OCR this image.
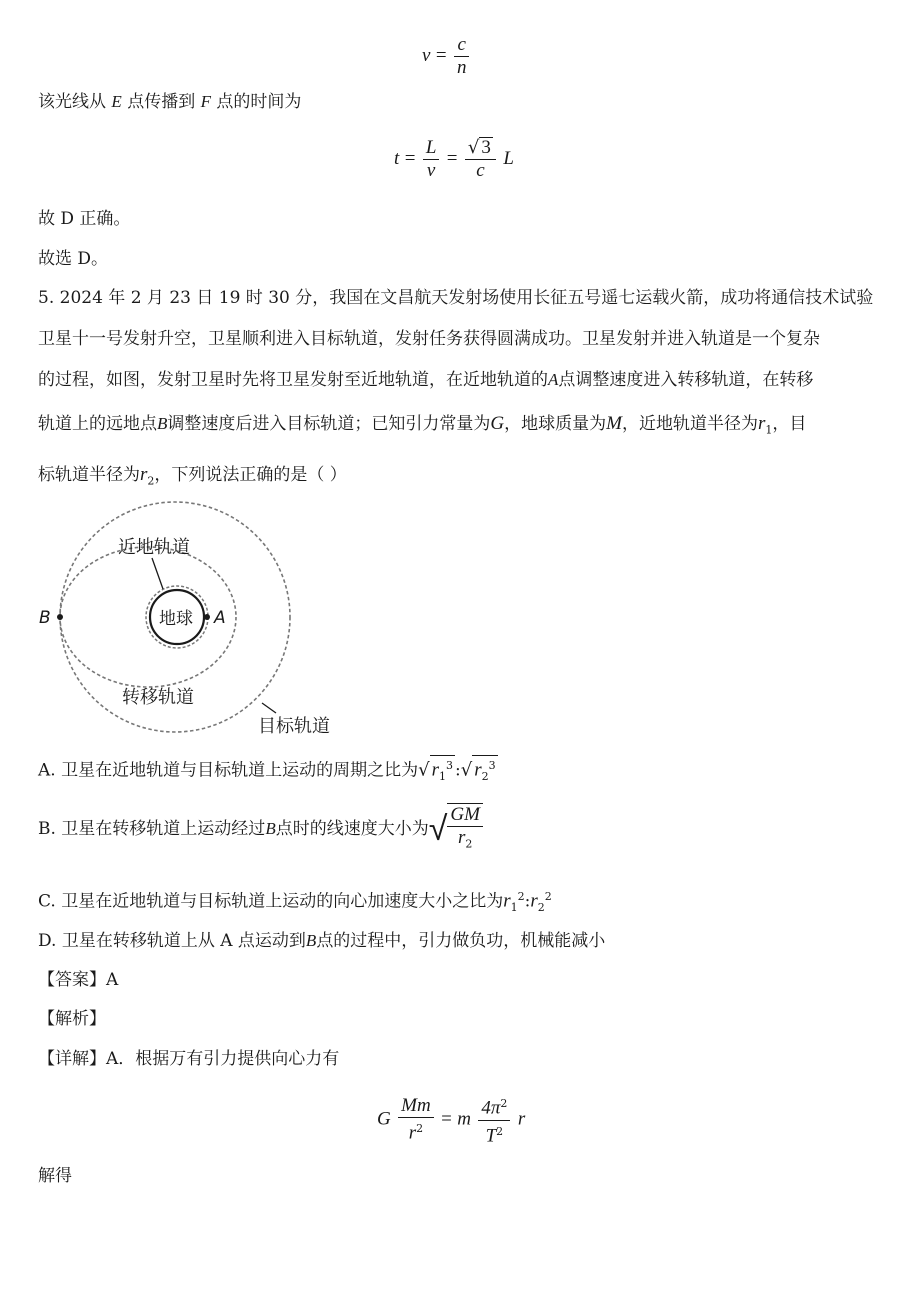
$v = \frac{c}{n}$
该光线从 E 点传播到 F 点的时间为
$t = \frac{L}{v} = \frac{√ 3}{c}$ L
故 D 正确。
故选 D。
5. 2024 年 2 月 23 日 19 时 30 分，我国在文昌航天发射场使用长征五号遥七运载火箭，成功将通信技术试验
卫星十一号发射升空，卫星顺利进入目标轨道，发射任务获得圆满成功。卫星发射并进入轨道是一个复杂
的过程，如图，发射卫星时先将卫星发射至近地轨道，在近地轨道的A点调整速度进入转移轨道，在转移
轨道上的远地点B调整速度后进入目标轨道；已知引力常量为G，地球质量为M，近地轨道半径为$r_1$，目
标轨道半径为$r_2$，下列说法正确的是（ ）
近地轨道
地球 A
B
转移轨道
目标轨道
A. 卫星在近地轨道与目标轨道上运动的周期之比为√ $r_1^3$ :√ $r_2^3$
B. 卫星在转移轨道上运动经过B点时的线速度大小为√ $\frac{GM}{r_2}$
C. 卫星在近地轨道与目标轨道上运动的向心加速度大小之比为$r_1^2:r_2^2$
D. 卫星在转移轨道上从 A 点运动到B点的过程中，引力做负功，机械能减小
【答案】A
【解析】
【详解】A．根据万有引力提供向心力有
G $\frac{Mm}{r^2} = m \frac{4\pi^2}{T^2}$ r
解得
